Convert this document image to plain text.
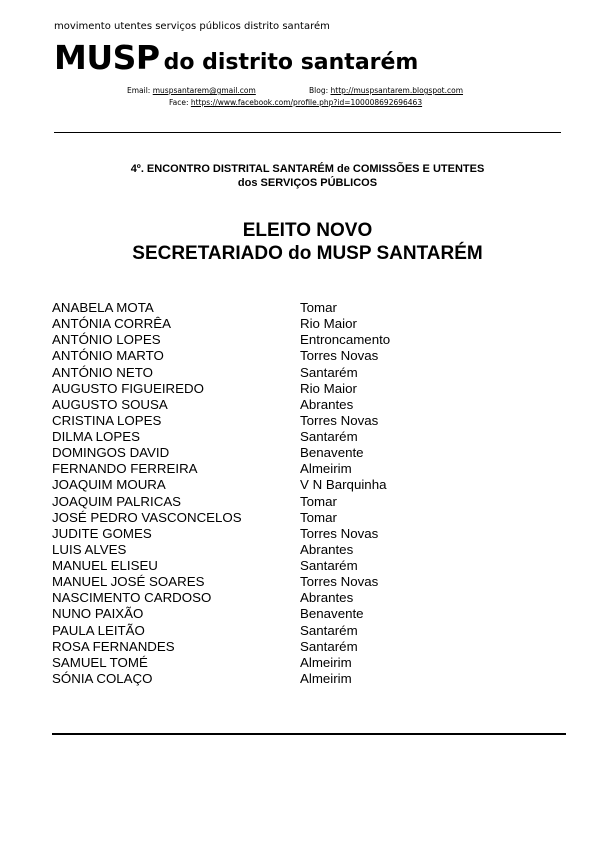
movimento utentes serviços públicos distrito santarém
MUSP do distrito santarém
Email: muspsantarem@gmail.com	Blog: http://muspsantarem.blogspot.com
Face: https://www.facebook.com/profile.php?id=100008692696463
4º. ENCONTRO DISTRITAL SANTARÉM de COMISSÕES E UTENTES
dos SERVIÇOS PÚBLICOS
ELEITO NOVO
SECRETARIADO do MUSP SANTARÉM
ANABELA MOTA	Tomar
ANTÓNIA CORRÊA	Rio Maior
ANTÓNIO LOPES	Entroncamento
ANTÓNIO MARTO	Torres Novas
ANTÓNIO NETO	Santarém
AUGUSTO FIGUEIREDO	Rio Maior
AUGUSTO SOUSA	Abrantes
CRISTINA LOPES	Torres Novas
DILMA LOPES	Santarém
DOMINGOS DAVID	Benavente
FERNANDO FERREIRA	Almeirim
JOAQUIM MOURA	V N Barquinha
JOAQUIM PALRICAS	Tomar
JOSÉ PEDRO VASCONCELOS	Tomar
JUDITE GOMES	Torres Novas
LUIS ALVES	Abrantes
MANUEL ELISEU	Santarém
MANUEL JOSÉ SOARES	Torres Novas
NASCIMENTO CARDOSO	Abrantes
NUNO PAIXÃO	Benavente
PAULA LEITÃO	Santarém
ROSA FERNANDES	Santarém
SAMUEL TOMÉ	Almeirim
SÓNIA COLAÇO	Almeirim
